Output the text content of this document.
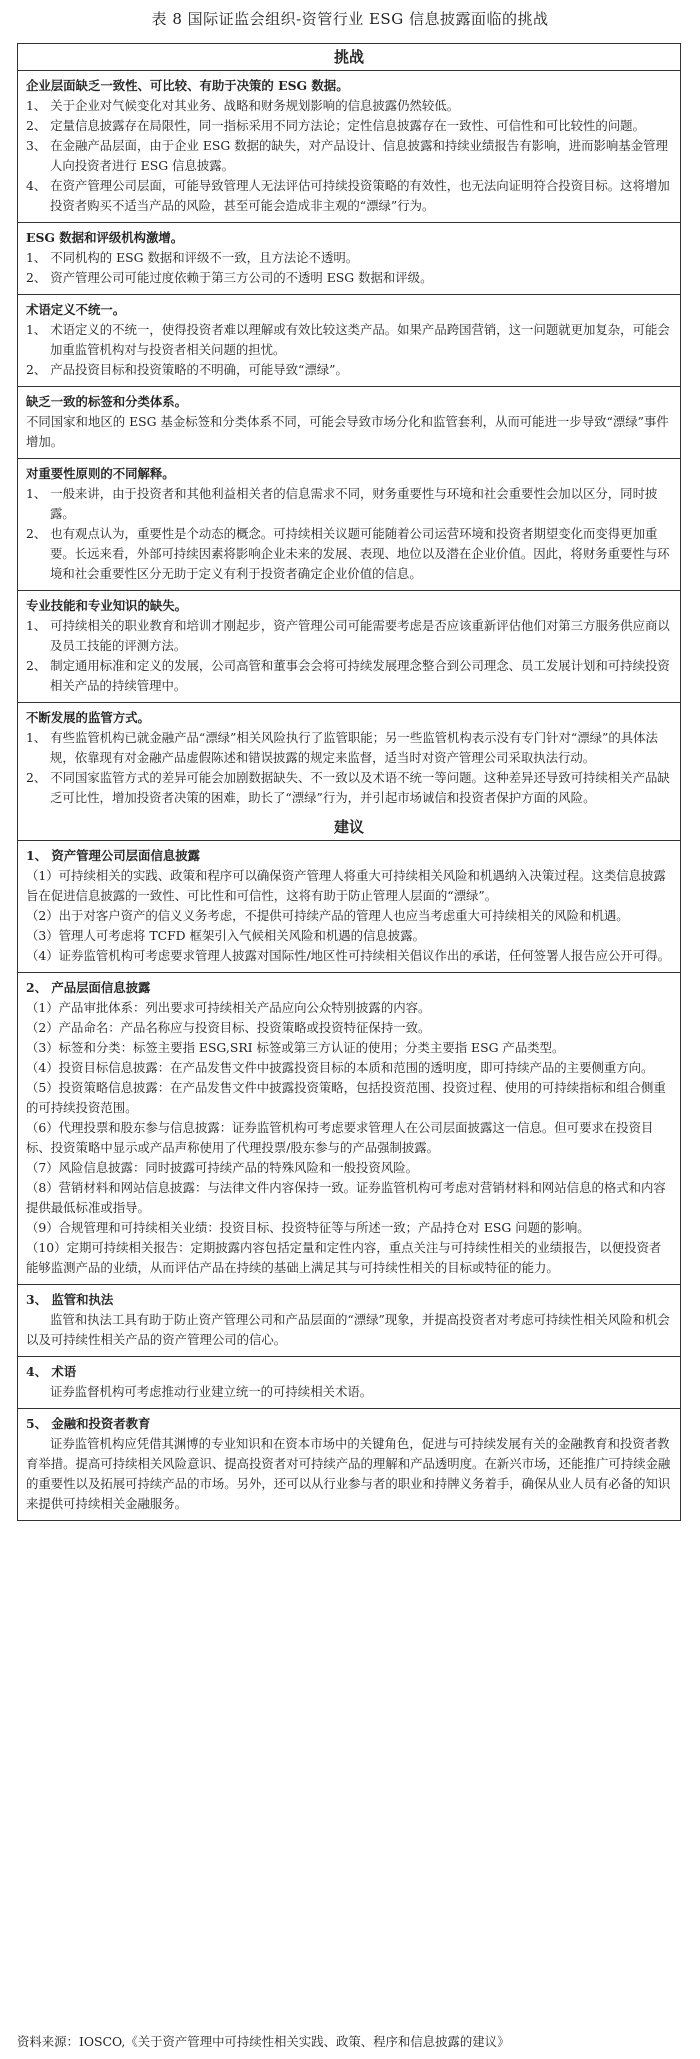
表 8 国际证监会组织-资管行业 ESG 信息披露面临的挑战
挑战
企业层面缺乏一致性、可比较、有助于决策的 ESG 数据。
1、 关于企业对气候变化对其业务、战略和财务规划影响的信息披露仍然较低。
2、 定量信息披露存在局限性，同一指标采用不同方法论；定性信息披露存在一致性、可信性和可比较性的问题。
3、 在金融产品层面，由于企业 ESG 数据的缺失，对产品设计、信息披露和持续业绩报告有影响，进而影响基金管理人向投资者进行 ESG 信息披露。
4、 在资产管理公司层面，可能导致管理人无法评估可持续投资策略的有效性，也无法向证明符合投资目标。这将增加投资者购买不适当产品的风险，甚至可能会造成非主观的“漂绿”行为。
ESG 数据和评级机构激增。
1、 不同机构的 ESG 数据和评级不一致，且方法论不透明。
2、 资产管理公司可能过度依赖于第三方公司的不透明 ESG 数据和评级。
术语定义不统一。
1、 术语定义的不统一，使得投资者难以理解或有效比较这类产品。如果产品跨国营销，这一问题就更加复杂，可能会加重监管机构对与投资者相关问题的担忧。
2、 产品投资目标和投资策略的不明确，可能导致“漂绿”。
缺乏一致的标签和分类体系。
不同国家和地区的 ESG 基金标签和分类体系不同，可能会导致市场分化和监管套利，从而可能进一步导致“漂绿”事件增加。
对重要性原则的不同解释。
1、 一般来讲，由于投资者和其他利益相关者的信息需求不同，财务重要性与环境和社会重要性会加以区分，同时披露。
2、 也有观点认为，重要性是个动态的概念。可持续相关议题可能随着公司运营环境和投资者期望变化而变得更加重要。长远来看，外部可持续因素将影响企业未来的发展、表现、地位以及潜在企业价值。因此，将财务重要性与环境和社会重要性区分无助于定义有利于投资者确定企业价值的信息。
专业技能和专业知识的缺失。
1、 可持续相关的职业教育和培训才刚起步，资产管理公司可能需要考虑是否应该重新评估他们对第三方服务供应商以及员工技能的评测方法。
2、 制定通用标准和定义的发展，公司高管和董事会会将可持续发展理念整合到公司理念、员工发展计划和可持续投资相关产品的持续管理中。
不断发展的监管方式。
1、 有些监管机构已就金融产品“漂绿”相关风险执行了监管职能；另一些监管机构表示没有专门针对“漂绿”的具体法规，依靠现有对金融产品虚假陈述和错误披露的规定来监督，适当时对资产管理公司采取执法行动。
2、 不同国家监管方式的差异可能会加剧数据缺失、不一致以及术语不统一等问题。这种差异还导致可持续相关产品缺乏可比性，增加投资者决策的困难，助长了“漂绿”行为，并引起市场诚信和投资者保护方面的风险。
建议
1、 资产管理公司层面信息披露
（1）可持续相关的实践、政策和程序可以确保资产管理人将重大可持续相关风险和机遇纳入决策过程。这类信息披露旨在促进信息披露的一致性、可比性和可信性，这将有助于防止管理人层面的“漂绿”。
（2）出于对客户资产的信义义务考虑，不提供可持续产品的管理人也应当考虑重大可持续相关的风险和机遇。
（3）管理人可考虑将 TCFD 框架引入气候相关风险和机遇的信息披露。
（4）证券监管机构可考虑要求管理人披露对国际性/地区性可持续相关倡议作出的承诺，任何签署人报告应公开可得。
2、 产品层面信息披露
（1）产品审批体系：列出要求可持续相关产品应向公众特别披露的内容。
（2）产品命名：产品名称应与投资目标、投资策略或投资特征保持一致。
（3）标签和分类：标签主要指 ESG,SRI 标签或第三方认证的使用；分类主要指 ESG 产品类型。
（4）投资目标信息披露：在产品发售文件中披露投资目标的本质和范围的透明度，即可持续产品的主要侧重方向。
（5）投资策略信息披露：在产品发售文件中披露投资策略，包括投资范围、投资过程、使用的可持续指标和组合侧重的可持续投资范围。
（6）代理投票和股东参与信息披露：证券监管机构可考虑要求管理人在公司层面披露这一信息。但可要求在投资目标、投资策略中显示或产品声称使用了代理投票/股东参与的产品强制披露。
（7）风险信息披露：同时披露可持续产品的特殊风险和一般投资风险。
（8）营销材料和网站信息披露：与法律文件内容保持一致。证券监管机构可考虑对营销材料和网站信息的格式和内容提供最低标准或指导。
（9）合规管理和可持续相关业绩：投资目标、投资特征等与所述一致；产品持仓对 ESG 问题的影响。
（10）定期可持续相关报告：定期披露内容包括定量和定性内容，重点关注与可持续性相关的业绩报告，以便投资者能够监测产品的业绩，从而评估产品在持续的基础上满足其与可持续性相关的目标或特征的能力。
3、 监管和执法
监管和执法工具有助于防止资产管理公司和产品层面的“漂绿”现象，并提高投资者对考虑可持续性相关风险和机会以及可持续性相关产品的资产管理公司的信心。
4、 术语
证券监督机构可考虑推动行业建立统一的可持续相关术语。
5、 金融和投资者教育
证券监管机构应凭借其渊博的专业知识和在资本市场中的关键角色，促进与可持续发展有关的金融教育和投资者教育举措。提高可持续相关风险意识、提高投资者对可持续产品的理解和产品透明度。在新兴市场，还能推广可持续金融的重要性以及拓展可持续产品的市场。另外，还可以从行业参与者的职业和持牌义务着手，确保从业人员有必备的知识来提供可持续相关金融服务。
资料来源：IOSCO,《关于资产管理中可持续性相关实践、政策、程序和信息披露的建议》
